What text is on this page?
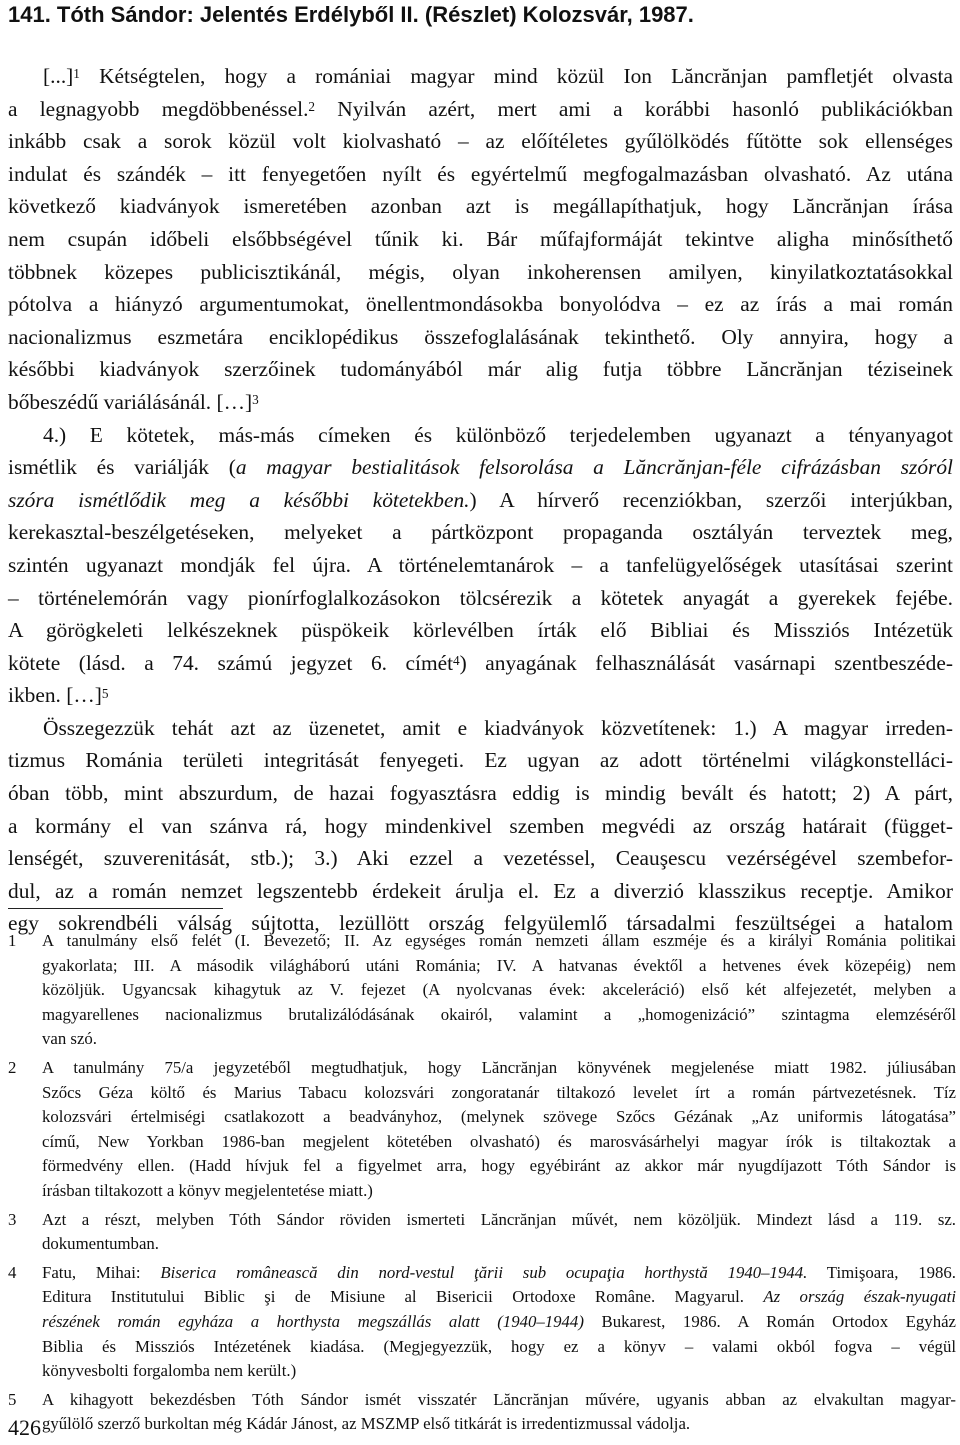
141. Tóth Sándor: Jelentés Erdélyből II. (Részlet) Kolozsvár, 1987.
[...]$^1$ Kétségtelen, hogy a romániai magyar mind közül Ion Lăncrănjan pamfletjét olvasta
a legnagyobb megdöbbenéssel.$^2$ Nyilván azért, mert ami a korábbi hasonló publikációkban
inkább csak a sorok közül volt kiolvasható – az előítéletes gyűlölködés fűtötte sok ellenséges
indulat és szándék – itt fenyegetően nyílt és egyértelmű megfogalmazásban olvasható. Az utána
következő kiadványok ismeretében azonban azt is megállapíthatjuk, hogy Lăncrănjan írása
nem csupán időbeli elsőbbségével tűnik ki. Bár műfajformáját tekintve aligha minősíthető
többnek közepes publicisztikánál, mégis, olyan inkoherensen amilyen, kinyilatkoztatásokkal
pótolva a hiányzó argumentumokat, önellentmondásokba bonyolódva – ez az írás a mai román
nacionalizmus eszmetára enciklopédikus összefoglalásának tekinthető. Oly annyira, hogy a
későbbi kiadványok szerzőinek tudományából már alig futja többre Lăncrănjan téziseinek
bőbeszédű variálásánál. […]$^3$
4.) E kötetek, más-más címeken és különböző terjedelemben ugyanazt a tényanyagot
ismétlik és variálják (a magyar bestialitások felsorolása a Lăncrănjan-féle cifrázásban szóról
szóra ismétlődik meg a későbbi kötetekben.) A hírverő recenziókban, szerzői interjúkban,
kerekasztal-beszélgetéseken, melyeket a pártközpont propaganda osztályán terveztek meg,
szintén ugyanazt mondják fel újra. A történelemtanárok – a tanfelügyelőségek utasításai szerint
– történelemórán vagy pionírfoglalkozásokon tölcsérezik a kötetek anyagát a gyerekek fejébe.
A görögkeleti lelkészeknek püspökeik körlevélben írták elő Bibliai és Missziós Intézetük
kötete (lásd. a 74. számú jegyzet 6. címét$^4$) anyagának felhasználását vasárnapi szentbeszéde-
ikben. […]$^5$
Összegezzük tehát azt az üzenetet, amit e kiadványok közvetítenek: 1.) A magyar irreden-
tizmus Románia területi integritását fenyegeti. Ez ugyan az adott történelmi világkonstelláci-
óban több, mint abszurdum, de hazai fogyasztásra eddig is mindig bevált és hatott; 2) A párt,
a kormány el van szánva rá, hogy mindenkivel szemben megvédi az ország határait (függet-
lenségét, szuverenitását, stb.); 3.) Aki ezzel a vezetéssel, Ceauşescu vezérségével szembefor-
dul, az a román nemzet legszentebb érdekeit árulja el. Ez a diverzió klasszikus receptje. Amikor
egy sokrendbéli válság sújtotta, lezüllött ország felgyülemlő társadalmi feszültségei a hatalom
1 A tanulmány első felét (I. Bevezető; II. Az egységes román nemzeti állam eszméje és a királyi Románia politikai
gyakorlata; III. A második világháború utáni Románia; IV. A hatvanas évektől a hetvenes évek közepéig) nem
közöljük. Ugyancsak kihagytuk az V. fejezet (A nyolcvanas évek: akceleráció) első két alfejezetét, melyben a
magyarellenes nacionalizmus brutalizálódásának okairól, valamint a „homogenizáció” szintagma elemzéséről
van szó.
2 A tanulmány 75/a jegyzetéből megtudhatjuk, hogy Lăncrănjan könyvének megjelenése miatt 1982. júliusában
Szőcs Géza költő és Marius Tabacu kolozsvári zongoratanár tiltakozó levelet írt a román pártvezetésnek. Tíz
kolozsvári értelmiségi csatlakozott a beadványhoz, (melynek szövege Szőcs Gézának „Az uniformis látogatása”
című, New Yorkban 1986-ban megjelent kötetében olvasható) és marosvásárhelyi magyar írók is tiltakoztak a
förmedvény ellen. (Hadd hívjuk fel a figyelmet arra, hogy egyébiránt az akkor már nyugdíjazott Tóth Sándor is
írásban tiltakozott a könyv megjelentetése miatt.)
3 Azt a részt, melyben Tóth Sándor röviden ismerteti Lăncrănjan művét, nem közöljük. Mindezt lásd a 119. sz.
dokumentumban.
4 Fatu, Mihai: Biserica românească din nord-vestul ţării sub ocupaţia horthystă 1940–1944. Timişoara, 1986.
Editura Institutului Biblic şi de Misiune al Bisericii Ortodoxe Române. Magyarul. Az ország észak-nyugati
részének román egyháza a horthysta megszállás alatt (1940–1944) Bukarest, 1986. A Román Ortodox Egyház
Biblia és Missziós Intézetének kiadása. (Megjegyezzük, hogy ez a könyv – valami okból fogva – végül
könyvesbolti forgalomba nem került.)
5 A kihagyott bekezdésben Tóth Sándor ismét visszatér Lăncrănjan művére, ugyanis abban az elvakultan magyar-
gyűlölő szerző burkoltan még Kádár Jánost, az MSZMP első titkárát is irredentizmussal vádolja.
426
